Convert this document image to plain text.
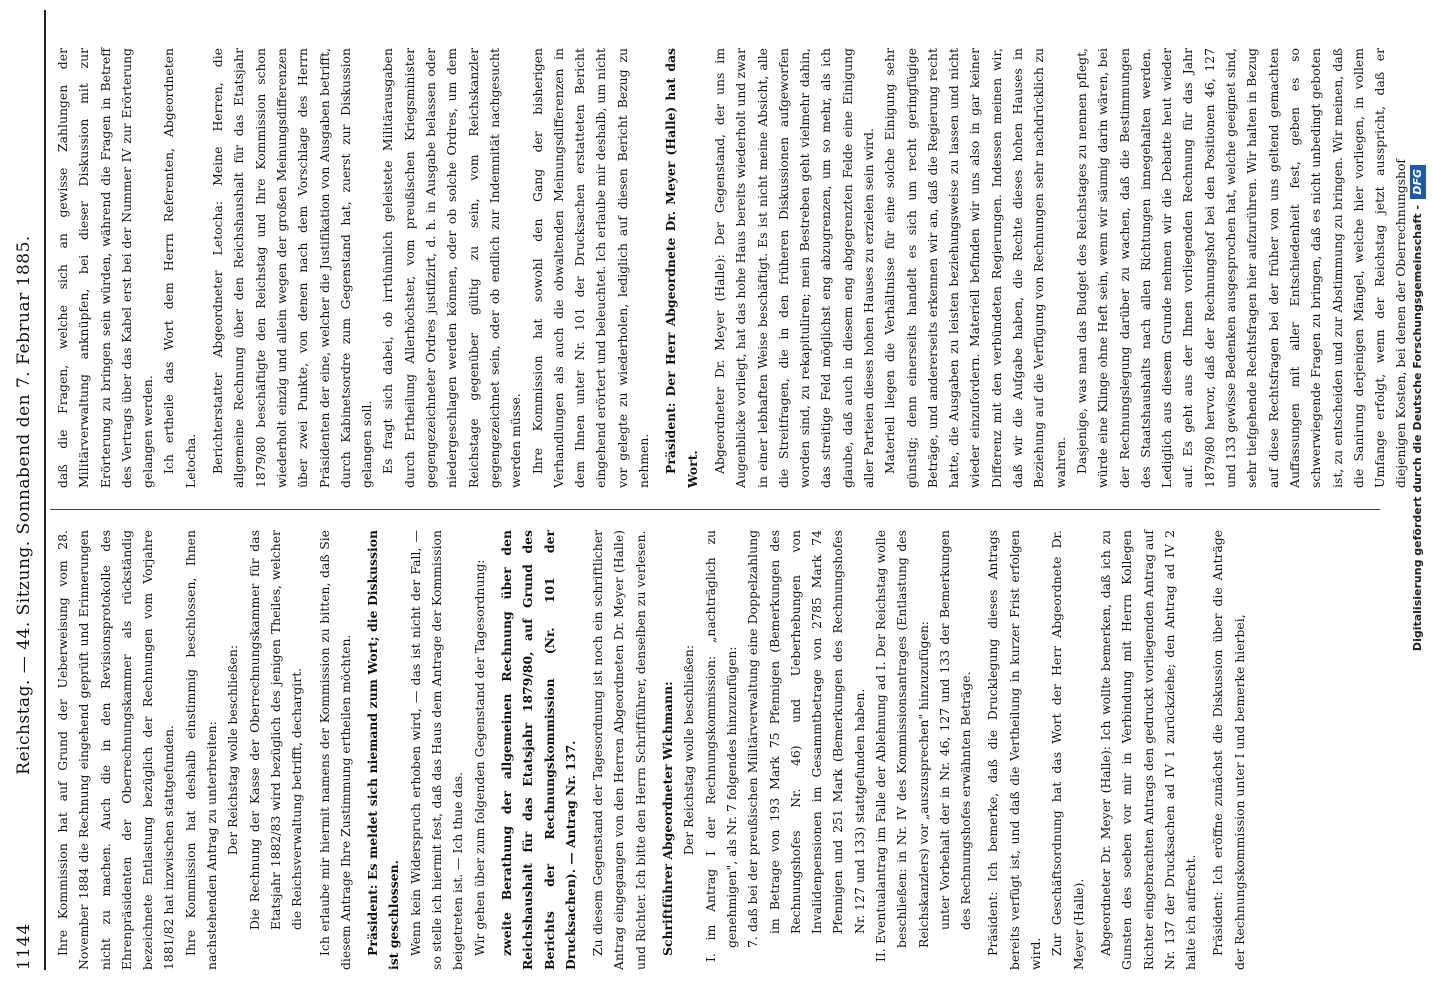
1144
Reichstag. — 44. Sitzung. Sonnabend den 7. Februar 1885. Ihre Kommission hat auf Grund der Ueberweisung vom 28. November 1884 die Rechnung eingehend geprüft und Erinnerungen nicht zu machen. Auch die in den Revisionsprotokolle des Ehrenpräsidenten der Oberrechnungskammer als rückständig bezeichnete Entlastung bezüglich der Rechnungen vom Vorjahre 1881/82 hat inzwischen stattgefunden. Ihre Kommission hat deshalb einstimmig beschlossen, Ihnen nachstehenden Antrag zu unterbreiten: Der Reichstag wolle beschließen: Die Rechnung der Kasse der Oberrechnungskammer für das Etatsjahr 1882/83 wird bezüglich des jenigen Theiles, welcher die Reichsverwaltung betrifft, dechargirt. Ich erlaube mir hiermit namens der Kommission zu bitten, daß Sie diesem Antrage Ihre Zustimmung ertheilen möchten. Präsident: Es meldet sich niemand zum Wort; die Diskussion ist geschlossen. Wenn kein Widerspruch erhoben wird, — das ist nicht der Fall, — so stelle ich hiermit fest, daß das Haus dem Antrage der Kommission beigetreten ist. — Ich thue das. Wir gehen über zum folgenden Gegenstand der Tagesordnung: zweite Berathung der allgemeinen Rechnung über den Reichshaushalt für das Etatsjahr 1879/80, auf Grund des Berichts der Rechnungskommission (Nr. 101 der Drucksachen). — Antrag Nr. 137. Zu diesem Gegenstand der Tagesordnung ist noch ein schriftlicher Antrag eingegangen von den Herren Abgeordneten Dr. Meyer (Halle) und Richter. Ich bitte den Herrn Schriftführer, denselben zu verlesen. Schriftführer Abgeordneter Wichmann: Der Reichstag wolle beschließen: I. im Antrag I der Rechnungskommission: „nachträglich zu genehmigen", als Nr. 7 folgendes hinzuzufügen: 7. daß bei der preußischen Militärverwaltung eine Doppelzahlung im Betrage von 193 Mark 75 Pfennigen (Bemerkungen des Rechnungshofes Nr. 46) und Ueberhebungen von Invalidenpensionen im Gesammtbetrage von 2785 Mark 74 Pfennigen und 251 Mark (Bemerkungen des Rechnungshofes Nr. 127 und 133) stattgefunden haben. II. Eventualantrag im Falle der Ablehnung ad I. Der Reichstag wolle beschließen: in Nr. IV des Kommissionsantrages (Entlastung des Reichskanzlers) vor „auszusprechen" hinzuzufügen: unter Vorbehalt der in Nr. 46, 127 und 133 der Bemerkungen des Rechnungshofes erwähnten Beträge. Präsident: Ich bemerke, daß die Drucklegung dieses Antrags bereits verfügt ist, und daß die Vertheilung in kurzer Frist erfolgen wird. Zur Geschäftsordnung hat das Wort der Herr Abgeordnete Dr. Meyer (Halle). Abgeordneter Dr. Meyer (Halle): Ich wollte bemerken, daß ich zu Gunsten des soeben vor mir in Verbindung mit Herrn Kollegen Richter eingebrachten Antrags den gedruckt vorliegenden Antrag auf Nr. 137 der Drucksachen ad IV 1 zurückziehe; den Antrag ad IV 2 halte ich aufrecht. Präsident: Ich eröffne zunächst die Diskussion über die Anträge der Rechnungskommission unter I und bemerke hierbei,

daß die Fragen, welche sich an gewisse Zahlungen der Militärverwaltung anknüpfen, bei dieser Diskussion mit zur Erörterung zu bringen sein würden, während die Fragen in Betreff des Vertrags über das Kabel erst bei der Nummer IV zur Erörterung gelangen werden. Ich ertheile das Wort dem Herrn Referenten, Abgeordneten Letocha. Berichterstatter Abgeordneter Letocha: Meine Herren, die allgemeine Rechnung über den Reichshaushalt für das Etatsjahr 1879/80 beschäftigte den Reichstag und Ihre Kommission schon wiederholt einzig und allein wegen der großen Meinungsdifferenzen über zwei Punkte, von denen nach dem Vorschlage des Herrn Präsidenten der eine, welcher die Justifikation von Ausgaben betrifft, durch Kabinetsordre zum Gegenstand hat, zuerst zur Diskussion gelangen soll. Es fragt sich dabei, ob irrthümlich geleistete Militärausgaben durch Ertheilung Allerhöchster, vom preußischen Kriegsminister gegengezeichneter Ordres justifizirt, d. h. in Ausgabe belassen oder niedergeschlagen werden können, oder ob solche Ordres, um dem Reichstage gegenüber gültig zu sein, vom Reichskanzler gegengezeichnet sein, oder ob endlich zur Indemnität nachgesucht werden müsse. Ihre Kommission hat sowohl den Gang der bisherigen Verhandlungen als auch die obwaltenden Meinungsdifferenzen in dem Ihnen unter Nr. 101 der Drucksachen erstatteten Bericht eingehend erörtert und beleuchtet. Ich erlaube mir deshalb, um nicht vor gelegte zu wiederholen, lediglich auf diesen Bericht Bezug zu nehmen. Präsident: Der Herr Abgeordnete Dr. Meyer (Halle) hat das Wort. Abgeordneter Dr. Meyer (Halle): Der Gegenstand, der uns im Augenblicke vorliegt, hat das hohe Haus bereits wiederholt und zwar in einer lebhaften Weise beschäftigt. Es ist nicht meine Absicht, alle die Streitfragen, die in den früheren Diskussionen aufgeworfen worden sind, zu rekapituliren; mein Bestreben geht vielmehr dahin, das streitige Feld möglichst eng abzugrenzen, um so mehr, als ich glaube, daß auch in diesem eng abgegrenzten Felde eine Einigung aller Parteien dieses hohen Hauses zu erzielen sein wird. Materiell liegen die Verhältnisse für eine solche Einigung sehr günstig; denn einerseits handelt es sich um recht geringfügige Beträge, und andererseits erkennen wir an, daß die Regierung recht hatte, die Ausgaben zu leisten beziehungsweise zu lassen und nicht wieder einzufordern. Materiell befinden wir uns also in gar keiner Differenz mit den verbündeten Regierungen. Indessen meinen wir, daß wir die Aufgabe haben, die Rechte dieses hohen Hauses in Beziehung auf die Verfügung von Rechnungen sehr nachdrücklich zu wahren. Dasjenige, was man das Budget des Reichstages zu nennen pflegt, würde eine Klinge ohne Heft sein, wenn wir säumig darin wären, bei der Rechnungslegung darüber zu wachen, daß die Bestimmungen des Staatshaushalts nach allen Richtungen innegehalten werden. Lediglich aus diesem Grunde nehmen wir die Debatte heut wieder auf. Es geht aus der Ihnen vorliegenden Rechnung für das Jahr 1879/80 hervor, daß der Rechnungshof bei den Positionen 46, 127 und 133 gewisse Bedenken ausgesprochen hat, welche geeignet sind, sehr tiefgehende Rechtsfragen hier aufzurühren. Wir halten in Bezug auf diese Rechtsfragen bei der früher von uns geltend gemachten Auffassungen mit aller Entschiedenheit fest, geben es so schwerwiegende Fragen zu bringen, daß es nicht unbedingt geboten ist, zu entscheiden und zur Abstimmung zu bringen. Wir meinen, daß die Sanirung derjenigen Mängel, welche hier vorliegen, in vollem Umfange erfolgt, wenn der Reichstag jetzt ausspricht, daß er diejenigen Kosten, bei denen der Oberrechnungshof Digitalisierung gefördert durch die Deutsche Forschungsgemeinschaft -
DFG
